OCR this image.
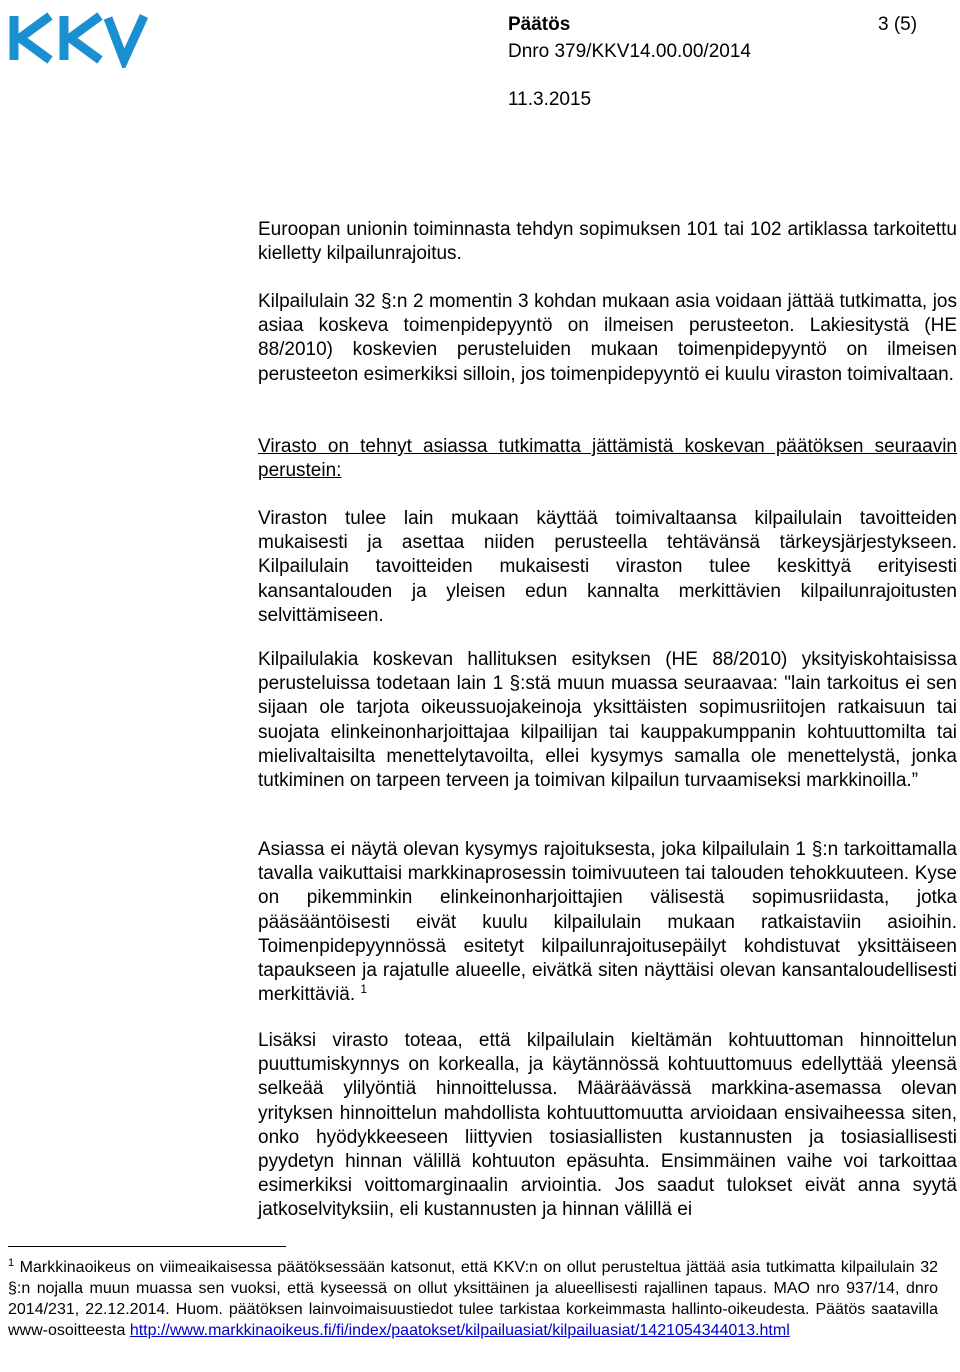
Päätös	3 (5)
Dnro 379/KKV14.00.00/2014
11.3.2015

Euroopan unionin toiminnasta tehdyn sopimuksen 101 tai 102 artiklassa tarkoitettu kielletty kilpailunrajoitus.

Kilpailulain 32 §:n 2 momentin 3 kohdan mukaan asia voidaan jättää tutkimatta, jos asiaa koskeva toimenpidepyyntö on ilmeisen perusteeton. Lakiesitystä (HE 88/2010) koskevien perusteluiden mukaan toimenpidepyyntö on ilmeisen perusteeton esimerkiksi silloin, jos toimenpidepyyntö ei kuulu viraston toimivaltaan.

Virasto on tehnyt asiassa tutkimatta jättämistä koskevan päätöksen seuraavin perustein:

Viraston tulee lain mukaan käyttää toimivaltaansa kilpailulain tavoitteiden mukaisesti ja asettaa niiden perusteella tehtävänsä tärkeysjärjestykseen. Kilpailulain tavoitteiden mukaisesti viraston tulee keskittyä erityisesti kansantalouden ja yleisen edun kannalta merkittävien kilpailunrajoitusten selvittämiseen.

Kilpailulakia koskevan hallituksen esityksen (HE 88/2010) yksityiskohtaisissa perusteluissa todetaan lain 1 §:stä muun muassa seuraavaa: "lain tarkoitus ei sen sijaan ole tarjota oikeussuojakeinoja yksittäisten sopimusriitojen ratkaisuun tai suojata elinkeinonharjoittajaa kilpailijan tai kauppakumppanin kohtuuttomilta tai mielivaltaisilta menettelytavoilta, ellei kysymys samalla ole menettelystä, jonka tutkiminen on tarpeen terveen ja toimivan kilpailun turvaamiseksi markkinoilla.”

Asiassa ei näytä olevan kysymys rajoituksesta, joka kilpailulain 1 §:n tarkoittamalla tavalla vaikuttaisi markkinaprosessin toimivuuteen tai talouden tehokkuuteen. Kyse on pikemminkin elinkeinonharjoittajien välisestä sopimusriidasta, jotka pääsääntöisesti eivät kuulu kilpailulain mukaan ratkaistaviin asioihin. Toimenpidepyynnössä esitetyt kilpailunrajoitusepäilyt kohdistuvat yksittäiseen tapaukseen ja rajatulle alueelle, eivätkä siten näyttäisi olevan kansantaloudellisesti merkittäviä. $^1$

Lisäksi virasto toteaa, että kilpailulain kieltämän kohtuuttoman hinnoittelun puuttumiskynnys on korkealla, ja käytännössä kohtuuttomuus edellyttää yleensä selkeää ylilyöntiä hinnoittelussa. Määräävässä markkina-asemassa olevan yrityksen hinnoittelun mahdollista kohtuuttomuutta arvioidaan ensivaiheessa siten, onko hyödykkeeseen liittyvien tosiasiallisten kustannusten ja tosiasiallisesti pyydetyn hinnan välillä kohtuuton epäsuhta. Ensimmäinen vaihe voi tarkoittaa esimerkiksi voittomarginaalin arviointia. Jos saadut tulokset eivät anna syytä jatkoselvityksiin, eli kustannusten ja hinnan välillä ei

$^1$ Markkinaoikeus on viimeaikaisessa päätöksessään katsonut, että KKV:n on ollut perusteltua jättää asia tutkimatta kilpailulain 32 §:n nojalla muun muassa sen vuoksi, että kyseessä on ollut yksittäinen ja alueellisesti rajallinen tapaus. MAO nro 937/14, dnro 2014/231, 22.12.2014. Huom. päätöksen lainvoimaisuustiedot tulee tarkistaa korkeimmasta hallinto-oikeudesta. Päätös saatavilla www-osoitteesta http://www.markkinaoikeus.fi/fi/index/paatokset/kilpailuasiat/kilpailuasiat/1421054344013.html
